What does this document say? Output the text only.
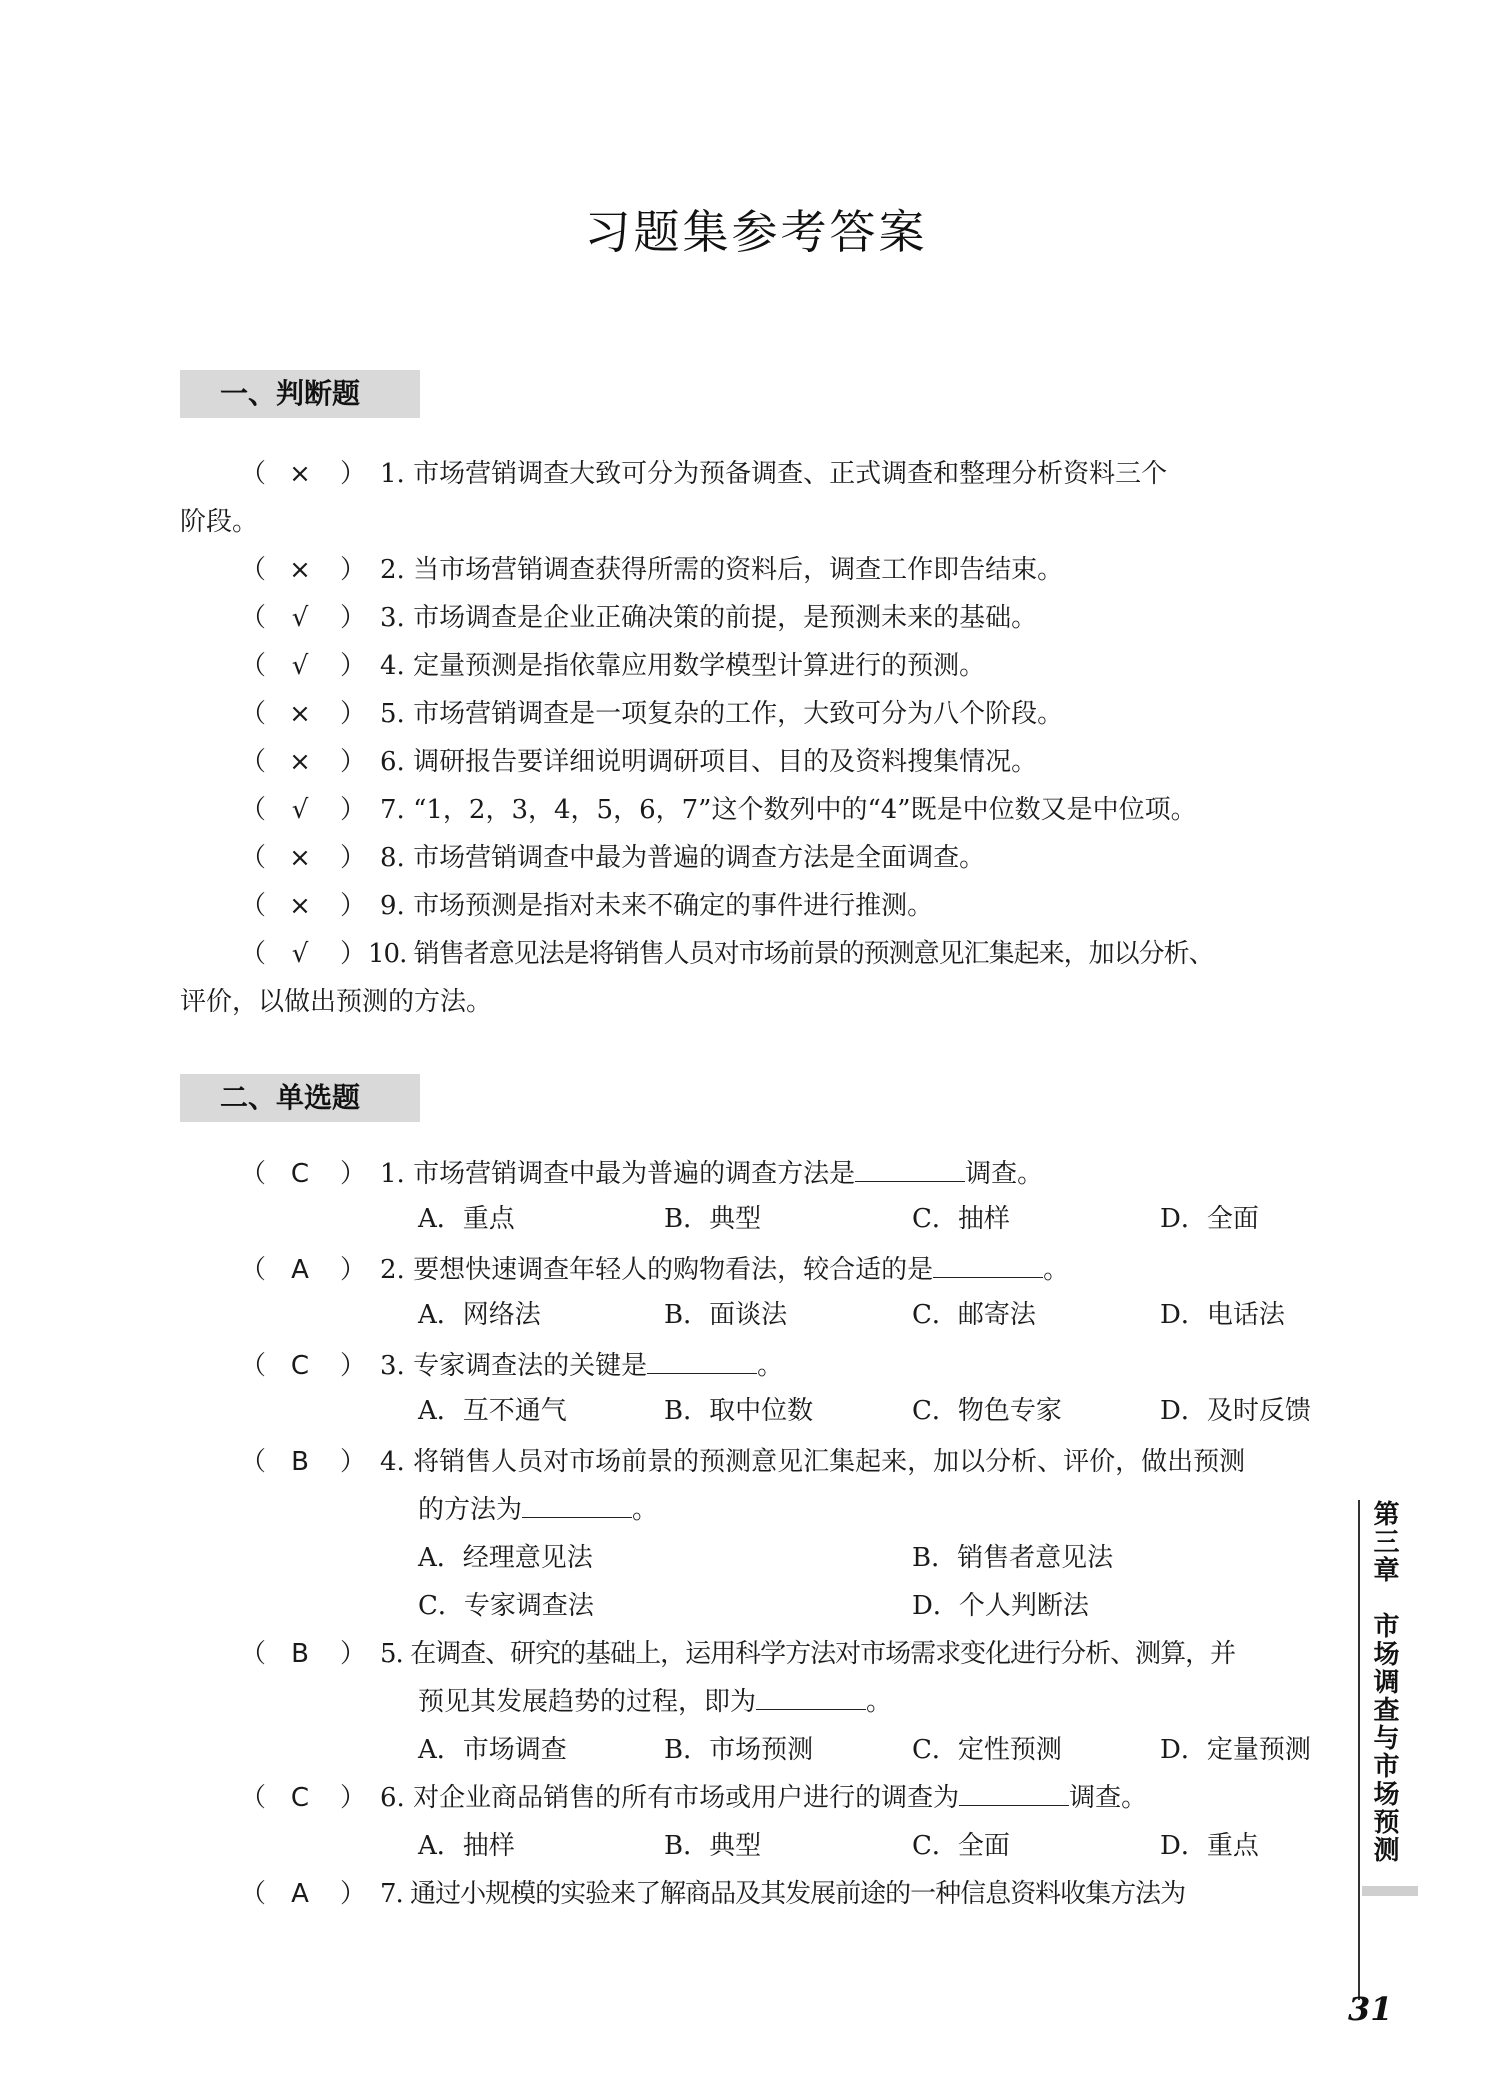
习题集参考答案
一、判断题
（ × ） 1. 市场营销调查大致可分为预备调查、正式调查和整理分析资料三个
阶段。
（ × ） 2. 当市场营销调查获得所需的资料后，调查工作即告结束。
（ √	） 3. 市场调查是企业正确决策的前提，是预测未来的基础。
（ √	） 4. 定量预测是指依靠应用数学模型计算进行的预测。
（ × ） 5. 市场营销调查是一项复杂的工作，大致可分为八个阶段。
（ × ） 6. 调研报告要详细说明调研项目、目的及资料搜集情况。
（ √	） 7. “1，2，3，4，5，6，7”这个数列中的“4”既是中位数又是中位项。
（ × ） 8. 市场营销调查中最为普遍的调查方法是全面调查。
（ × ） 9. 市场预测是指对未来不确定的事件进行推测。
（ √	） 10. 销售者意见法是将销售人员对市场前景的预测意见汇集起来，加以分析、
评价，以做出预测的方法。
二、单选题
（ C	） 1. 市场营销调查中最为普遍的调查方法是	调查。
A．重点	B．典型	C．抽样	D．全面
（ A	） 2. 要想快速调查年轻人的购物看法，较合适的是	。
A．网络法	B．面谈法	C．邮寄法	D．电话法
（ C	） 3. 专家调查法的关键是	。
A．互不通气	B．取中位数	C．物色专家	D．及时反馈
（ B	） 4. 将销售人员对市场前景的预测意见汇集起来，加以分析、评价，做出预测
的方法为	。
A．经理意见法	B．销售者意见法
C．专家调查法	D．个人判断法
（ B	） 5. 在调查、研究的基础上，运用科学方法对市场需求变化进行分析、测算，并
预见其发展趋势的过程，即为	。
A．市场调查	B．市场预测	C．定性预测	D．定量预测
（ C	） 6. 对企业商品销售的所有市场或用户进行的调查为	调查。
A．抽样	B．典型	C．全面	D．重点
（ A	） 7. 通过小规模的实验来了解商品及其发展前途的一种信息资料收集方法为
第三章　市场调查与市场预测
31
